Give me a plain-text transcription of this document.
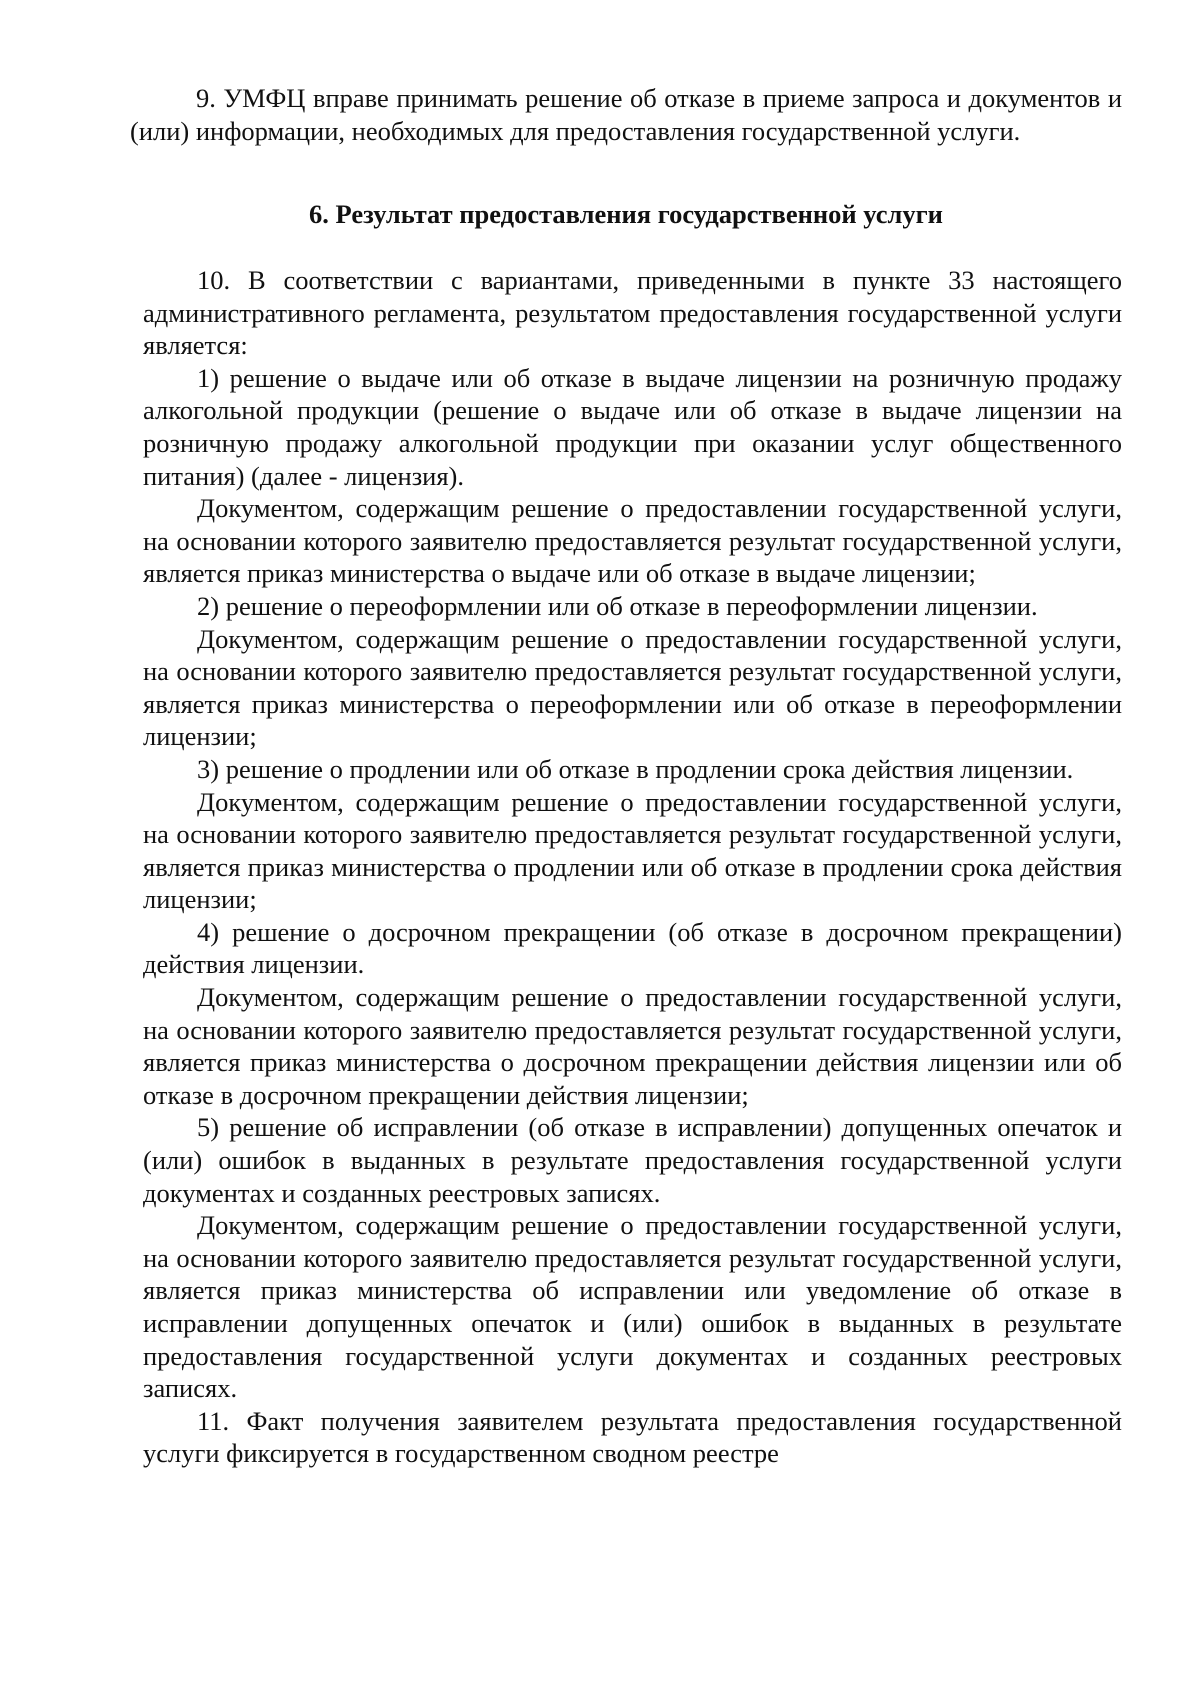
9. УМФЦ вправе принимать решение об отказе в приеме запроса и документов и (или) информации, необходимых для предоставления государственной услуги.

6. Результат предоставления государственной услуги

10. В соответствии с вариантами, приведенными в пункте 33 настоящего административного регламента, результатом предоставления государственной услуги является:

1) решение о выдаче или об отказе в выдаче лицензии на розничную продажу алкогольной продукции (решение о выдаче или об отказе в выдаче лицензии на розничную продажу алкогольной продукции при оказании услуг общественного питания) (далее - лицензия).

Документом, содержащим решение о предоставлении государственной услуги, на основании которого заявителю предоставляется результат государственной услуги, является приказ министерства о выдаче или об отказе в выдаче лицензии;

2) решение о переоформлении или об отказе в переоформлении лицензии.

Документом, содержащим решение о предоставлении государственной услуги, на основании которого заявителю предоставляется результат государственной услуги, является приказ министерства о переоформлении или об отказе в переоформлении лицензии;

3) решение о продлении или об отказе в продлении срока действия лицензии.

Документом, содержащим решение о предоставлении государственной услуги, на основании которого заявителю предоставляется результат государственной услуги, является приказ министерства о продлении или об отказе в продлении срока действия лицензии;

4) решение о досрочном прекращении (об отказе в досрочном прекращении) действия лицензии.

Документом, содержащим решение о предоставлении государственной услуги, на основании которого заявителю предоставляется результат государственной услуги, является приказ министерства о досрочном прекращении действия лицензии или об отказе в досрочном прекращении действия лицензии;

5) решение об исправлении (об отказе в исправлении) допущенных опечаток и (или) ошибок в выданных в результате предоставления государственной услуги документах и созданных реестровых записях.

Документом, содержащим решение о предоставлении государственной услуги, на основании которого заявителю предоставляется результат государственной услуги, является приказ министерства об исправлении или уведомление об отказе в исправлении допущенных опечаток и (или) ошибок в выданных в результате предоставления государственной услуги документах и созданных реестровых записях.

11. Факт получения заявителем результата предоставления государственной услуги фиксируется в государственном сводном реестре
